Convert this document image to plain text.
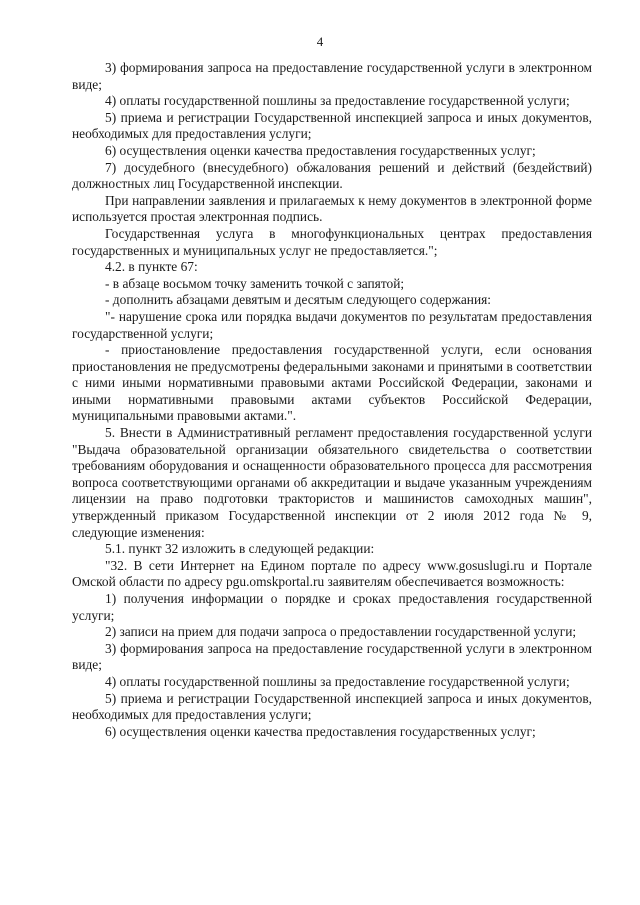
4

3) формирования запроса на предоставление государственной услуги в электронном виде;

4) оплаты государственной пошлины за предоставление государственной услуги;

5) приема и регистрации Государственной инспекцией запроса и иных документов, необходимых для предоставления услуги;

6) осуществления оценки качества предоставления государственных услуг;

7) досудебного (внесудебного) обжалования решений и действий (бездействий) должностных лиц Государственной инспекции.

При направлении заявления и прилагаемых к нему документов в электронной форме используется простая электронная подпись.

Государственная услуга в многофункциональных центрах предоставления государственных и муниципальных услуг не предоставляется.";

4.2. в пункте 67:

- в абзаце восьмом точку заменить точкой с запятой;

- дополнить абзацами девятым и десятым следующего содержания:

"- нарушение срока или порядка выдачи документов по результатам предоставления государственной услуги;

- приостановление предоставления государственной услуги, если основания приостановления не предусмотрены федеральными законами и принятыми в соответствии с ними иными нормативными правовыми актами Российской Федерации, законами и иными нормативными правовыми актами субъектов Российской Федерации, муниципальными правовыми актами.".

5. Внести в Административный регламент предоставления государственной услуги "Выдача образовательной организации обязательного свидетельства о соответствии требованиям оборудования и оснащенности образовательного процесса для рассмотрения вопроса соответствующими органами об аккредитации и выдаче указанным учреждениям лицензии на право подготовки трактористов и машинистов самоходных машин", утвержденный приказом Государственной инспекции от 2 июля 2012 года № 9, следующие изменения:

5.1. пункт 32 изложить в следующей редакции:

"32. В сети Интернет на Едином портале по адресу www.gosuslugi.ru и Портале Омской области по адресу pgu.omskportal.ru заявителям обеспечивается возможность:

1) получения информации о порядке и сроках предоставления государственной услуги;

2) записи на прием для подачи запроса о предоставлении государственной услуги;

3) формирования запроса на предоставление государственной услуги в электронном виде;

4) оплаты государственной пошлины за предоставление государственной услуги;

5) приема и регистрации Государственной инспекцией запроса и иных документов, необходимых для предоставления услуги;

6) осуществления оценки качества предоставления государственных услуг;
